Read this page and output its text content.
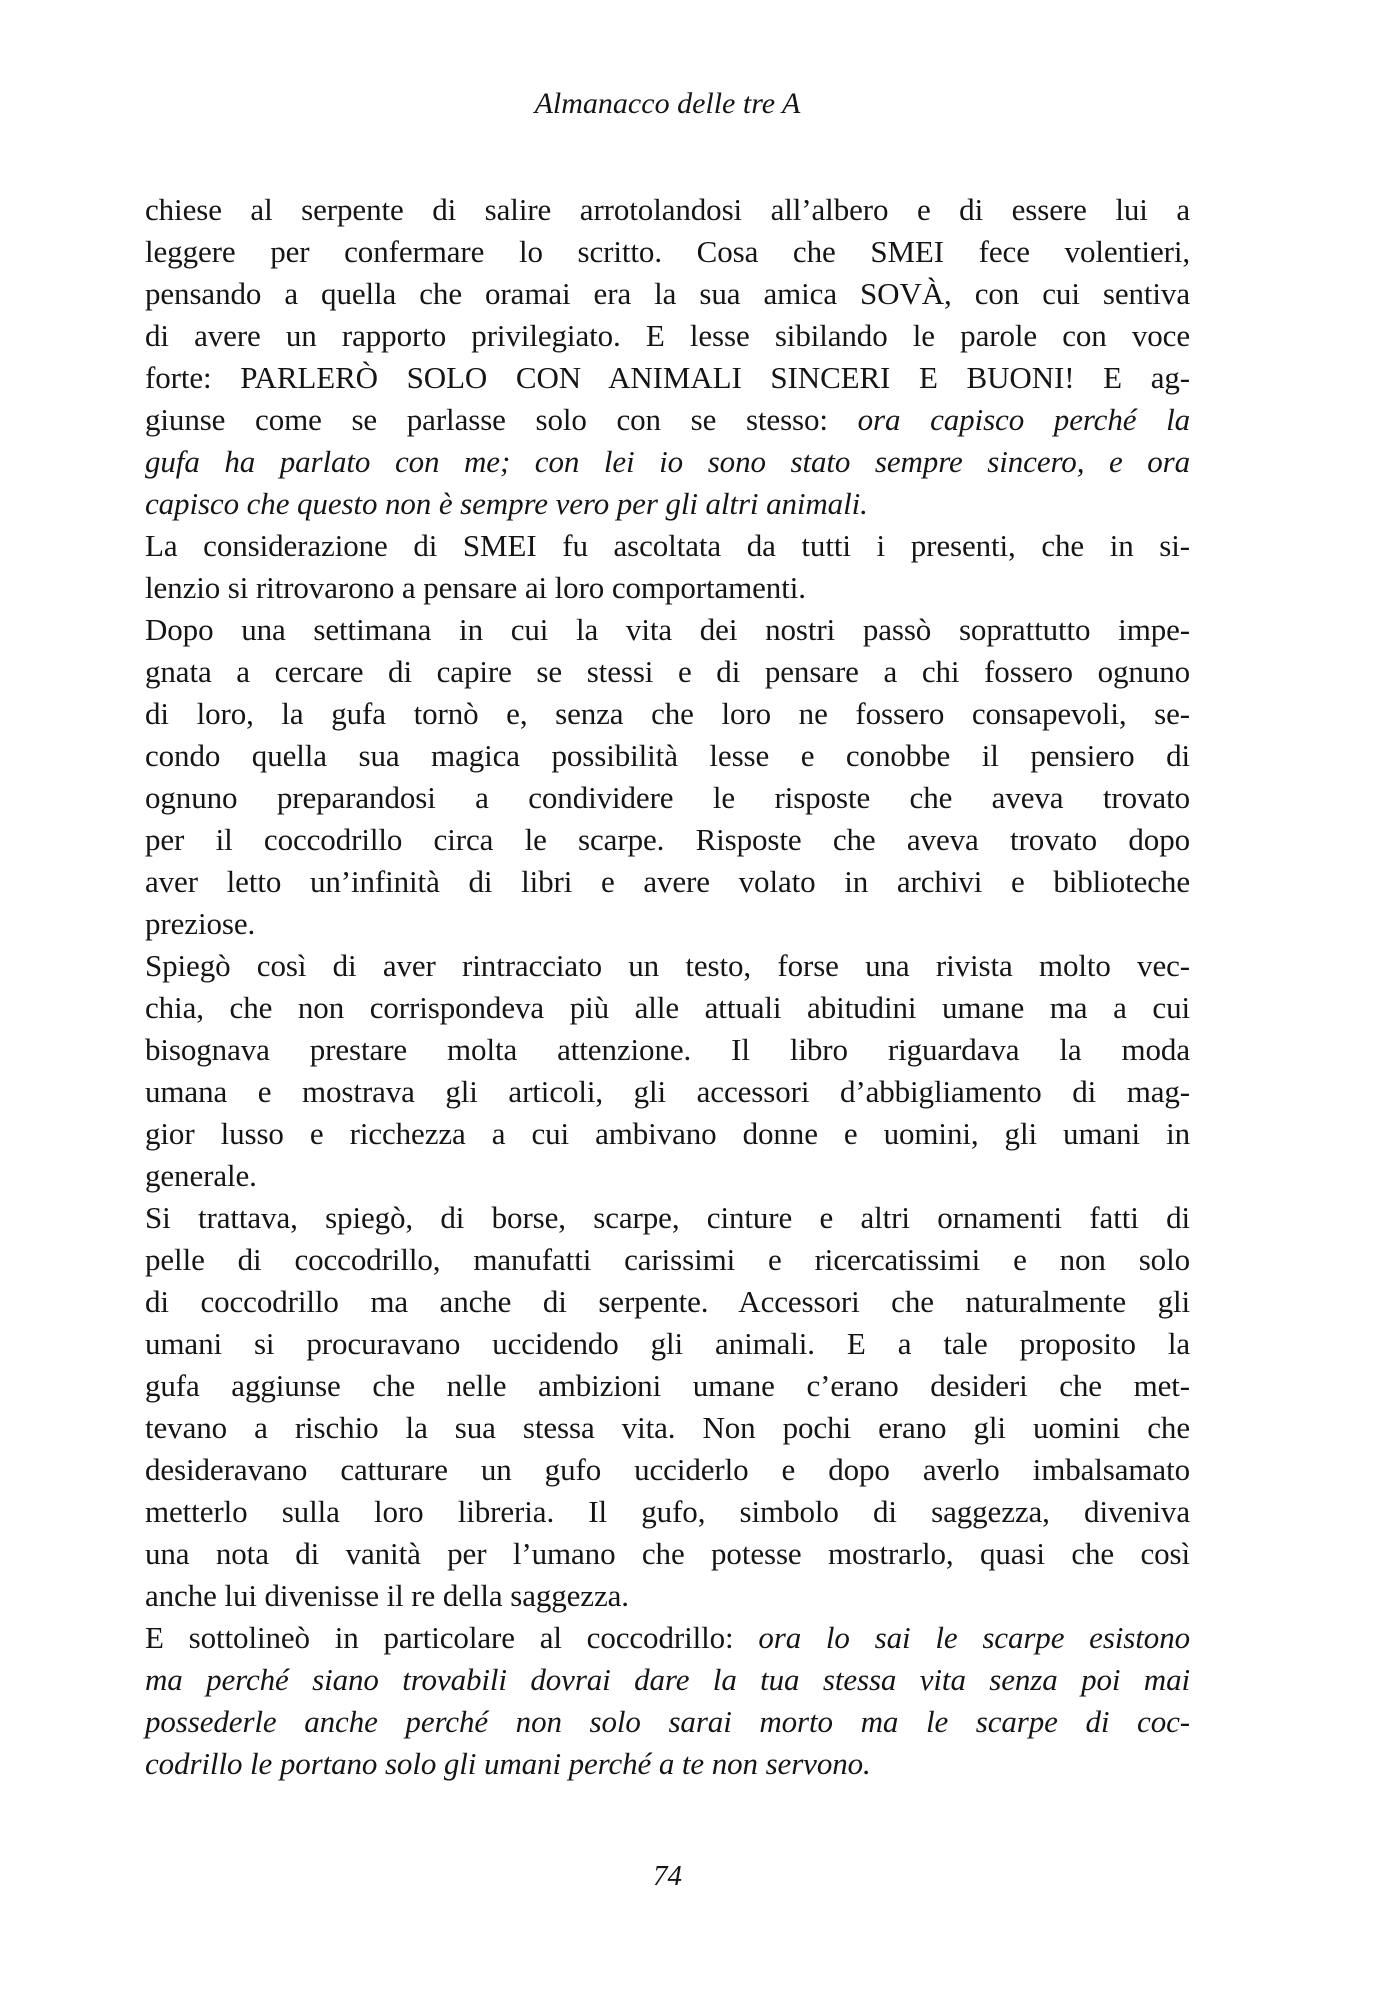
Almanacco delle tre A
chiese al serpente di salire arrotolandosi all’albero e di essere lui a
leggere per confermare lo scritto. Cosa che SMEI fece volentieri,
pensando a quella che oramai era la sua amica SOVÀ, con cui sentiva
di avere un rapporto privilegiato. E lesse sibilando le parole con voce
forte: PARLERÒ SOLO CON ANIMALI SINCERI E BUONI! E ag-
giunse come se parlasse solo con se stesso: ora capisco perché la
gufa ha parlato con me; con lei io sono stato sempre sincero, e ora
capisco che questo non è sempre vero per gli altri animali.
La considerazione di SMEI fu ascoltata da tutti i presenti, che in si-
lenzio si ritrovarono a pensare ai loro comportamenti.
Dopo una settimana in cui la vita dei nostri passò soprattutto impe-
gnata a cercare di capire se stessi e di pensare a chi fossero ognuno
di loro, la gufa tornò e, senza che loro ne fossero consapevoli, se-
condo quella sua magica possibilità lesse e conobbe il pensiero di
ognuno preparandosi a condividere le risposte che aveva trovato
per il coccodrillo circa le scarpe. Risposte che aveva trovato dopo
aver letto un’infinità di libri e avere volato in archivi e biblioteche
preziose.
Spiegò così di aver rintracciato un testo, forse una rivista molto vec-
chia, che non corrispondeva più alle attuali abitudini umane ma a cui
bisognava prestare molta attenzione. Il libro riguardava la moda
umana e mostrava gli articoli, gli accessori d’abbigliamento di mag-
gior lusso e ricchezza a cui ambivano donne e uomini, gli umani in
generale.
Si trattava, spiegò, di borse, scarpe, cinture e altri ornamenti fatti di
pelle di coccodrillo, manufatti carissimi e ricercatissimi e non solo
di coccodrillo ma anche di serpente. Accessori che naturalmente gli
umani si procuravano uccidendo gli animali. E a tale proposito la
gufa aggiunse che nelle ambizioni umane c’erano desideri che met-
tevano a rischio la sua stessa vita. Non pochi erano gli uomini che
desideravano catturare un gufo ucciderlo e dopo averlo imbalsamato
metterlo sulla loro libreria. Il gufo, simbolo di saggezza, diveniva
una nota di vanità per l’umano che potesse mostrarlo, quasi che così
anche lui divenisse il re della saggezza.
E sottolineò in particolare al coccodrillo: ora lo sai le scarpe esistono
ma perché siano trovabili dovrai dare la tua stessa vita senza poi mai
possederle anche perché non solo sarai morto ma le scarpe di coc-
codrillo le portano solo gli umani perché a te non servono.
74
